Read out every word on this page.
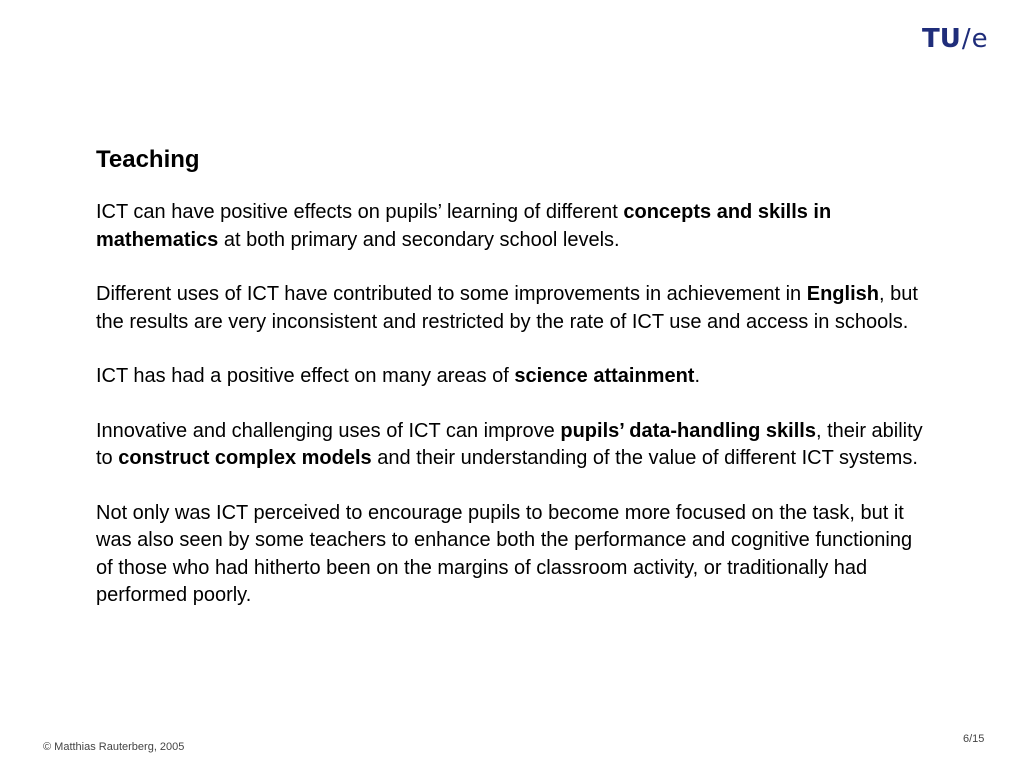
TU/e
Teaching
ICT can have positive effects on pupils’ learning of different concepts and skills in mathematics at both primary and secondary school levels.
Different uses of ICT have contributed to some improvements in achievement in English, but the results are very inconsistent and restricted by the rate of ICT use and access in schools.
ICT has had a positive effect on many areas of science attainment.
Innovative and challenging uses of ICT can improve pupils’ data-handling skills, their ability to construct complex models and their understanding of the value of different ICT systems.
Not only was ICT perceived to encourage pupils to become more focused on the task, but it was also seen by some teachers to enhance both the performance and cognitive functioning of those who had hitherto been on the margins of classroom activity, or traditionally had performed poorly.
© Matthias Rauterberg, 2005
6/15
